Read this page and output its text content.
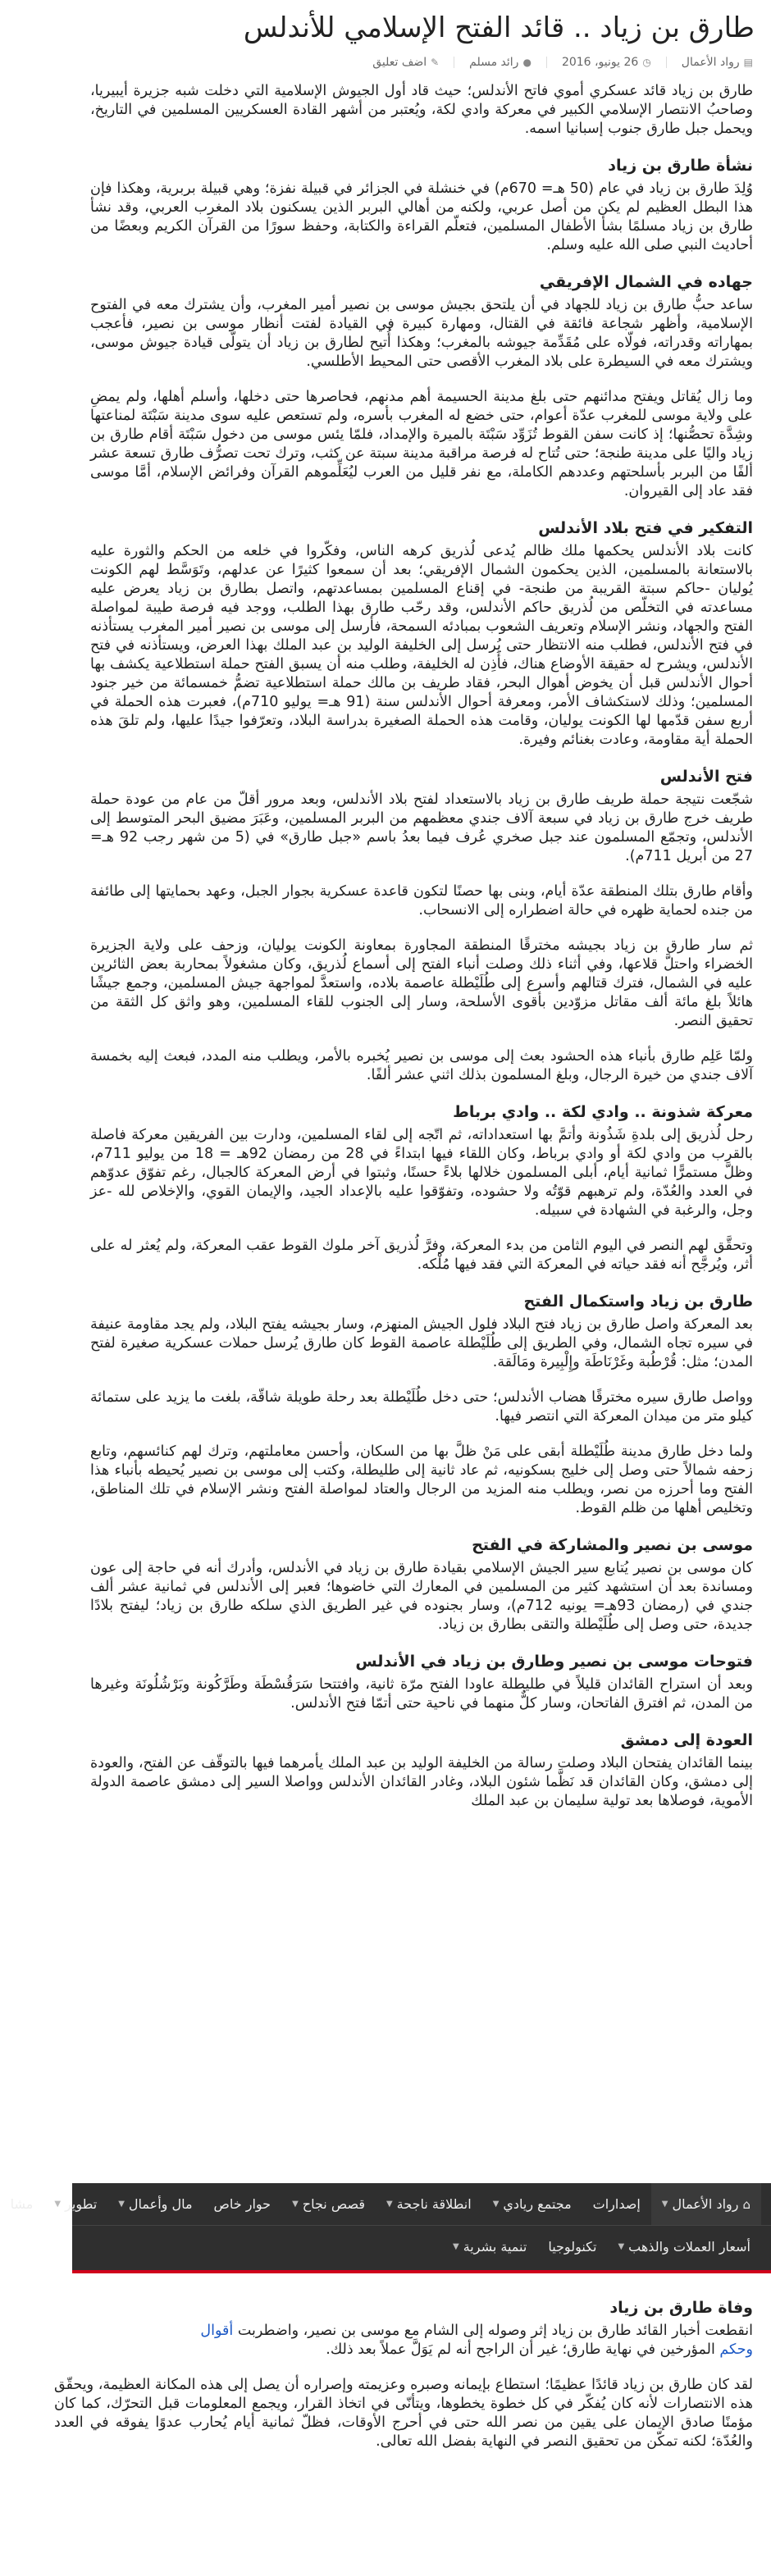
طارق بن زياد .. قائد الفتح الإسلامي للأندلس
▤
رواد الأعمال
◷
26 يونيو، 2016
●
رائد مسلم
✎
اضف تعليق

طارق بن زياد قائد عسكري أموي فاتح الأندلس؛ حيث قاد أول الجيوش الإسلامية التي دخلت شبه جزيرة أيبيريا، وصاحبُ الانتصار الإسلامي الكبير في معركة وادي لكة، ويُعتبر من أشهر القادة العسكريين المسلمين في التاريخ، ويحمل جبل طارق جنوب إسبانيا اسمه.

نشأة طارق بن زياد

وُلِدَ طارق بن زياد في عام (50 هـ= 670م) في خنشلة في الجزائر في قبيلة نفزة؛ وهي قبيلة بربرية، وهكذا فإن هذا البطل العظيم لم يكن من أصل عربي، ولكنه من أهالي البربر الذين يسكنون بلاد المغرب العربي، وقد نشأ طارق بن زياد مسلمًا بشأ الأطفال المسلمين، فتعلّم القراءة والكتابة، وحفظ سورًا من القرآن الكريم وبعضًا من أحاديث النبي صلى الله عليه وسلم.

جهاده في الشمال الإفريقي

ساعد حبُّ طارق بن زياد للجهاد في أن يلتحق بجيش موسى بن نصير أمير المغرب، وأن يشترك معه في الفتوح الإسلامية، وأظهر شجاعة فائقة في القتال، ومهارة كبيرة في القيادة لفتت أنظار موسى بن نصير، فأعجب بمهاراته وقدراته، فولّاه على مُقَدِّمة جيوشه بالمغرب؛ وهكذا أُتيح لطارق بن زياد أن يتولّى قيادة جيوش موسى، ويشترك معه في السيطرة على بلاد المغرب الأقصى حتى المحيط الأطلسي.

وما زال يُقاتل ويفتح مدائنهم حتى بلغ مدينة الحسيمة أهم مدنهم، فحاصرها حتى دخلها، وأسلم أهلها، ولم يمضِ على ولاية موسى للمغرب عدّة أعوام، حتى خضع له المغرب بأسره، ولم تستعص عليه سوى مدينة سَبْتَة لمناعتها وشِدَّة تحصُّنها؛ إذ كانت سفن القوط تُزَوِّد سَبْتَة بالميرة والإمداد، فلمّا يئس موسى من دخول سَبْتَة أقام طارق بن زياد واليًا على مدينة طنجة؛ حتى تُتاح له فرصة مراقبة مدينة سبتة عن كثب، وترك تحت تصرُّف طارق تسعة عشر ألفًا من البربر بأسلحتهم وعددهم الكاملة، مع نفر قليل من العرب ليُعَلِّموهم القرآن وفرائض الإسلام، أمَّا موسى فقد عاد إلى القيروان.

التفكير في فتح بلاد الأندلس

كانت بلاد الأندلس يحكمها ملك ظالم يُدعى لُذريق كرهه الناس، وفكّروا في خلعه من الحكم والثورة عليه بالاستعانة بالمسلمين، الذين يحكمون الشمال الإفريقي؛ بعد أن سمعوا كثيرًا عن عدلهم، وتَوَسَّط لهم الكونت يُوليان -حاكم سبتة القريبة من طنجة- في إقناع المسلمين بمساعدتهم، واتصل بطارق بن زياد يعرض عليه مساعدته في التخلّص من لُذريق حاكم الأندلس، وقد رحّب طارق بهذا الطلب، ووجد فيه فرصة طيبة لمواصلة الفتح والجهاد، ونشر الإسلام وتعريف الشعوب بمبادئه السمحة، فأرسل إلى موسى بن نصير أمير المغرب يستأذنه في فتح الأندلس، فطلب منه الانتظار حتى يُرسل إلى الخليفة الوليد بن عبد الملك بهذا العرض، ويستأذنه في فتح الأندلس، ويشرح له حقيقة الأوضاع هناك، فأَذِن له الخليفة، وطلب منه أن يسبق الفتح حملة استطلاعية يكشف بها أحوال الأندلس قبل أن يخوض أهوال البحر، فقاد طريف بن مالك حملة استطلاعية تضمُّ خمسمائة من خير جنود المسلمين؛ وذلك لاستكشاف الأمر، ومعرفة أحوال الأندلس سنة (91 هـ= يوليو 710م)، فعبرت هذه الحملة في أربع سفن قدّمها لها الكونت يوليان، وقامت هذه الحملة الصغيرة بدراسة البلاد، وتعرّفوا جيدًا عليها، ولم تلقَ هذه الحملة أية مقاومة، وعادت بغنائم وفيرة.

فتح الأندلس

شجّعت نتيجة حملة طريف طارق بن زياد بالاستعداد لفتح بلاد الأندلس، وبعد مرور أقلّ من عام من عودة حملة طريف خرج طارق بن زياد في سبعة آلاف جندي معظمهم من البربر المسلمين، وعَبَرَ مضيق البحر المتوسط إلى الأندلس، وتجمّع المسلمون عند جبل صخري عُرف فيما بعدُ باسم «جبل طارق» في (5 من شهر رجب 92 هـ= 27 من أبريل 711م).

وأقام طارق بتلك المنطقة عدّة أيام، وبنى بها حصنًا لتكون قاعدة عسكرية بجوار الجبل، وعهد بحمايتها إلى طائفة من جنده لحماية ظهره في حالة اضطراره إلى الانسحاب.

ثم سار طارق بن زياد بجيشه مخترقًا المنطقة المجاورة بمعاونة الكونت يوليان، وزحف على ولاية الجزيرة الخضراء واحتلَّ قلاعها، وفي أثناء ذلك وصلت أنباء الفتح إلى أسماع لُذريق، وكان مشغولاً بمحاربة بعض الثائرين عليه في الشمال، فترك قتالهم وأسرع إلى طُلَيْطلة عاصمة بلاده، واستعدَّ لمواجهة جيش المسلمين، وجمع جيشًا هائلاً بلغ مائة ألف مقاتل مزوّدين بأقوى الأسلحة، وسار إلى الجنوب للقاء المسلمين، وهو واثق كل الثقة من تحقيق النصر.

ولمّا عَلِم طارق بأنباء هذه الحشود بعث إلى موسى بن نصير يُخبره بالأمر، ويطلب منه المدد، فبعث إليه بخمسة آلاف جندي من خيرة الرجال، وبلغ المسلمون بذلك اثني عشر ألفًا.

معركة شذونة .. وادي لكة .. وادي برباط

رحل لُذريق إلى بلدةِ شَذُونة وأتمَّ بها استعداداته، ثم اتّجه إلى لقاء المسلمين، ودارت بين الفريقين معركة فاصلة بالقرب من وادي لكة أو وادي برباط، وكان اللقاء فيها ابتداءً في 28 من رمضان 92هـ = 18 من يوليو 711م، وظلَّ مستمرًّا ثمانية أيام، أبلى المسلمون خلالها بلاءً حسنًا، وثبتوا في أرض المعركة كالجبال، رغم تفوّق عدوّهم في العدد والعُدّة، ولم ترهبهم قوّتُه ولا حشوده، وتفوّقوا عليه بالإعداد الجيد، والإيمان القوي، والإخلاص لله -عز وجل، والرغبة في الشهادة في سبيله.

وتحقَّق لهم النصر في اليوم الثامن من بدء المعركة، وفرَّ لُذريق آخر ملوك القوط عقب المعركة، ولم يُعثر له على أثر، ويُرجَّح أنه فقد حياته في المعركة التي فقد فيها مُلْكه.

طارق بن زياد واستكمال الفتح

بعد المعركة واصل طارق بن زياد فتح البلاد فلول الجيش المنهزم، وسار بجيشه يفتح البلاد، ولم يجد مقاومة عنيفة في سيره تجاه الشمال، وفي الطريق إلى طُلَيْطلة عاصمة القوط كان طارق يُرسل حملات عسكرية صغيرة لفتح المدن؛ مثل: قُرْطُبة وغَرْنَاطَة وإِلْبِيرة ومَالَقة.

وواصل طارق سيره مخترقًا هضاب الأندلس؛ حتى دخل طُلَيْطلة بعد رحلة طويلة شاقّة، بلغت ما يزيد على ستمائة كيلو متر من ميدان المعركة التي انتصر فيها.

ولما دخل طارق مدينة طُلَيْطلة أبقى على مَنْ ظلَّ بها من السكان، وأحسن معاملتهم، وترك لهم كنائسهم، وتابع زحفه شمالاً حتى وصل إلى خليج بسكونيه، ثم عاد ثانية إلى طليطلة، وكتب إلى موسى بن نصير يُحيطه بأنباء هذا الفتح وما أحرزه من نصر، ويطلب منه المزيد من الرجال والعتاد لمواصلة الفتح ونشر الإسلام في تلك المناطق، وتخليص أهلها من ظلم القوط.

موسى بن نصير والمشاركة في الفتح

كان موسى بن نصير يُتابع سير الجيش الإسلامي بقيادة طارق بن زياد في الأندلس، وأدرك أنه في حاجة إلى عون ومساندة بعد أن استشهد كثير من المسلمين في المعارك التي خاضوها؛ فعبر إلى الأندلس في ثمانية عشر ألف جندي في (رمضان 93هـ= يونيه 712م)، وسار بجنوده في غير الطريق الذي سلكه طارق بن زياد؛ ليفتح بلادًا جديدة، حتى وصل إلى طُلَيْطلة والتقى بطارق بن زياد.

فتوحات موسى بن نصير وطارق بن زياد في الأندلس

وبعد أن استراح القائدان قليلاً في طليطلة عاودا الفتح مرّة ثانية، وافتتحا سَرَقُسْطَة وطَرَّكُونة وبَرْشُلُونَة وغيرها من المدن، ثم افترق الفاتحان، وسار كلٌّ منهما في ناحية حتى أتمّا فتح الأندلس.

العودة إلى دمشق

بينما القائدان يفتحان البلاد وصلت رسالة من الخليفة الوليد بن عبد الملك يأمرهما فيها بالتوقّف عن الفتح، والعودة إلى دمشق، وكان القائدان قد نَظَّما شئون البلاد، وغادر القائدان الأندلس وواصلا السير إلى دمشق عاصمة الدولة الأموية، فوصلاها بعد تولية سليمان بن عبد الملك

⌂
رواد الأعمال
▼
إصدارات
مجتمع ريادي
▼
انطلاقة ناجحة
▼
قصص نجاح
▼
حوار خاص
مال وأعمال
▼
تطوير
▼
مشا
أسعار العملات والذهب
▼
تكنولوجيا
تنمية بشرية
▼
وفاة طارق بن زياد

انقطعت أخبار القائد طارق بن زياد إثر وصوله إلى الشام مع موسى بن نصير، واضطربت أقوال
وحكم المؤرخين في نهاية طارق؛ غير أن الراجح أنه لم يَوَلَّ عملاً بعد ذلك.

لقد كان طارق بن زياد قائدًا عظيمًا؛ استطاع بإيمانه وصبره وعزيمته وإصراره أن يصل إلى هذه المكانة العظيمة، ويحقّق هذه الانتصارات لأنه كان يُفكّر في كل خطوة يخطوها، ويتأنّى في اتخاذ القرار، ويجمع المعلومات قبل التحرّك، كما كان مؤمنًا صادق الإيمان على يقين من نصر الله حتى في أحرج الأوقات، فظلّ ثمانية أيام يُحارب عدوًا يفوقه في العدد والعُدّة؛ لكنه تمكّن من تحقيق النصر في النهاية بفضل الله تعالى.
